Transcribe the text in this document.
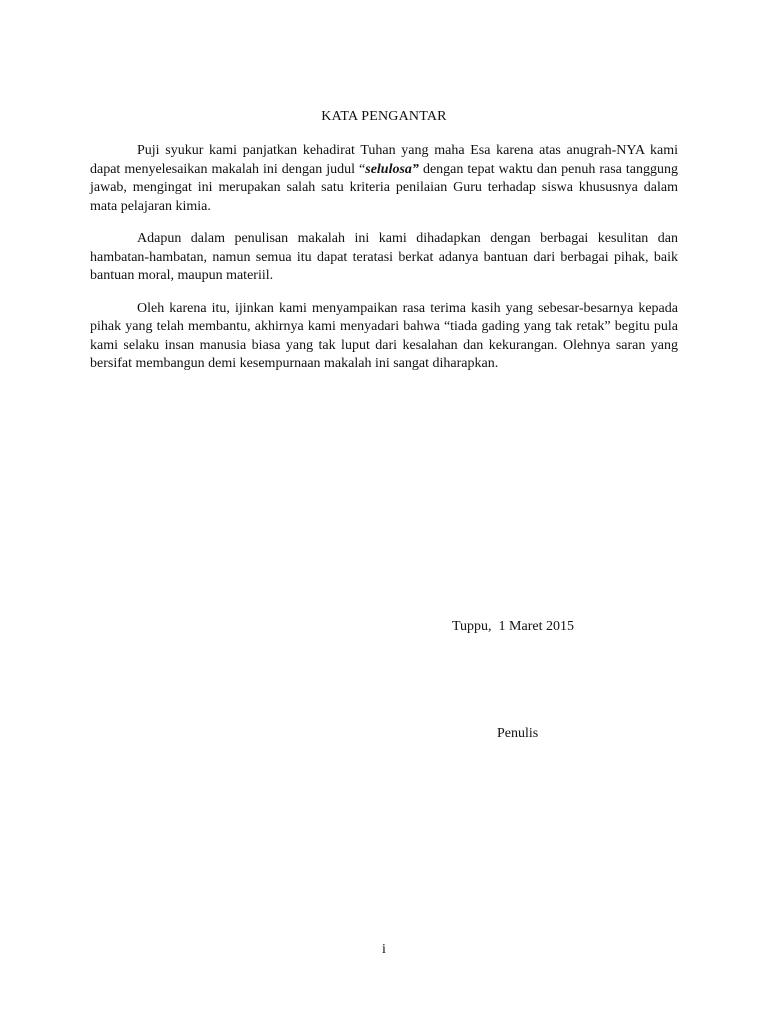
KATA PENGANTAR

Puji syukur kami panjatkan kehadirat Tuhan yang maha Esa karena atas anugrah-NYA kami dapat menyelesaikan makalah ini dengan judul “selulosa” dengan tepat waktu dan penuh rasa tanggung jawab, mengingat ini merupakan salah satu kriteria penilaian Guru terhadap siswa khususnya dalam mata pelajaran kimia.

Adapun dalam penulisan makalah ini kami dihadapkan dengan berbagai kesulitan dan hambatan-hambatan, namun semua itu dapat teratasi berkat adanya bantuan dari berbagai pihak, baik bantuan moral, maupun materiil.

Oleh karena itu, ijinkan kami menyampaikan rasa terima kasih yang sebesar-besarnya kepada pihak yang telah membantu, akhirnya kami menyadari bahwa “tiada gading yang tak retak” begitu pula kami selaku insan manusia biasa yang tak luput dari kesalahan dan kekurangan. Olehnya saran yang bersifat membangun demi kesempurnaan makalah ini sangat diharapkan.

Tuppu,  1 Maret 2015
Penulis
i
